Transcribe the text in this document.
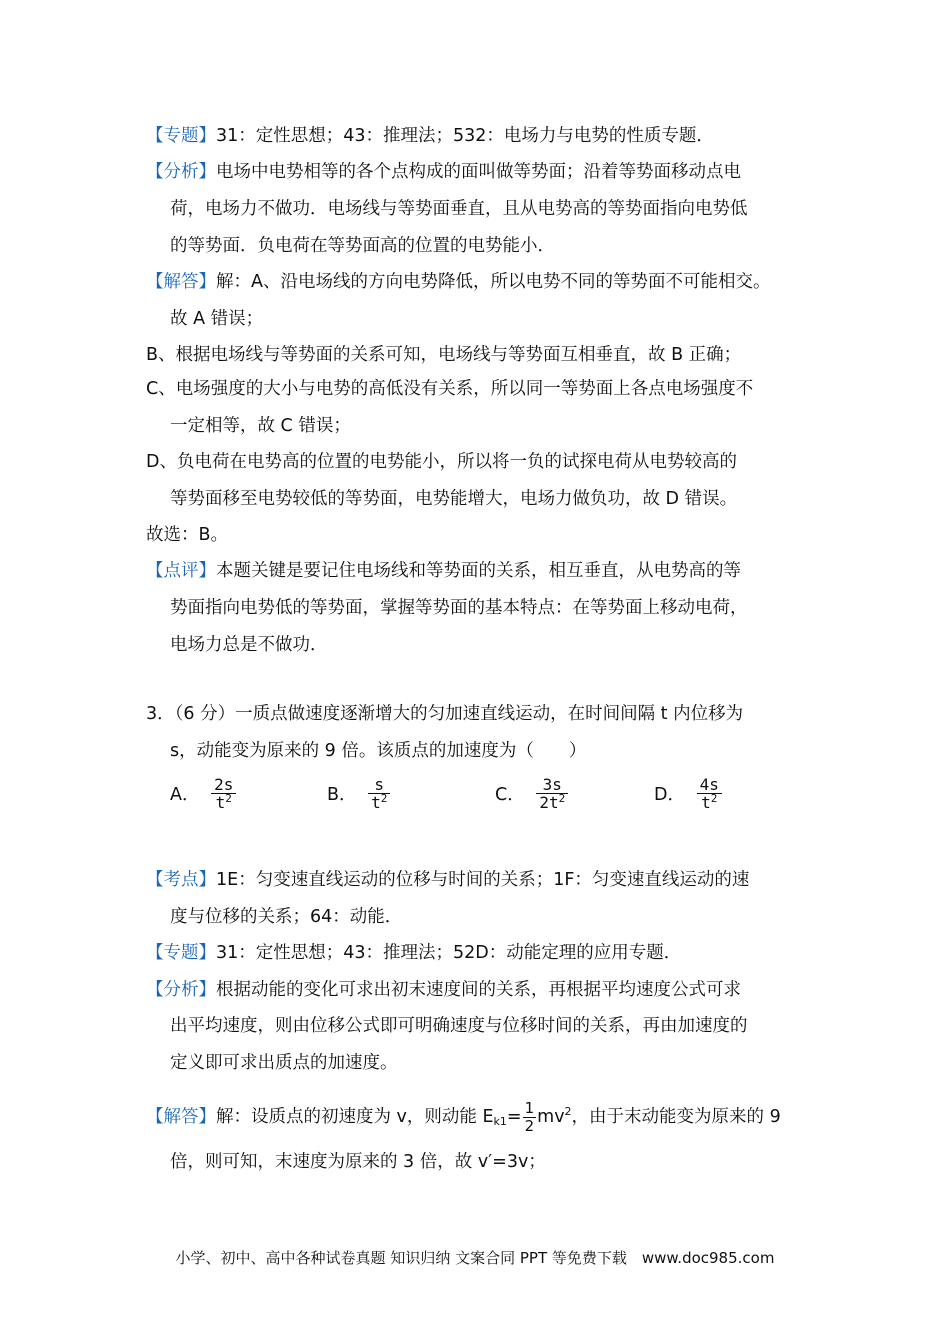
【专题】31：定性思想；43：推理法；532：电场力与电势的性质专题．
【分析】电场中电势相等的各个点构成的面叫做等势面；沿着等势面移动点电
荷，电场力不做功．电场线与等势面垂直，且从电势高的等势面指向电势低
的等势面．负电荷在等势面高的位置的电势能小．
【解答】解：A、沿电场线的方向电势降低，所以电势不同的等势面不可能相交。
故 A 错误；
B、根据电场线与等势面的关系可知，电场线与等势面互相垂直，故 B 正确；
C、电场强度的大小与电势的高低没有关系，所以同一等势面上各点电场强度不
一定相等，故 C 错误；
D、负电荷在电势高的位置的电势能小，所以将一负的试探电荷从电势较高的
等势面移至电势较低的等势面，电势能增大，电场力做负功，故 D 错误。
故选：B。
【点评】本题关键是要记住电场线和等势面的关系，相互垂直，从电势高的等
势面指向电势低的等势面，掌握等势面的基本特点：在等势面上移动电荷，
电场力总是不做功．
3．（6 分）一质点做速度逐渐增大的匀加速直线运动，在时间间隔 t 内位移为
s，动能变为原来的 9 倍。该质点的加速度为（　　）
A． $\frac{2s}{t^2}$	B． $\frac{s}{t^2}$	C． $\frac{3s}{2t^2}$	D． $\frac{4s}{t^2}$
【考点】1E：匀变速直线运动的位移与时间的关系；1F：匀变速直线运动的速
度与位移的关系；64：动能．
【专题】31：定性思想；43：推理法；52D：动能定理的应用专题．
【分析】根据动能的变化可求出初末速度间的关系，再根据平均速度公式可求
出平均速度，则由位移公式即可明确速度与位移时间的关系，再由加速度的
定义即可求出质点的加速度。
【解答】解：设质点的初速度为 v，则动能 $E_{k1}= \frac{1}{2} mv^2$，由于末动能变为原来的 9
倍，则可知，末速度为原来的 3 倍，故 v′=3v；
小学、初中、高中各种试卷真题 知识归纳 文案合同 PPT 等免费下载　www.doc985.com
